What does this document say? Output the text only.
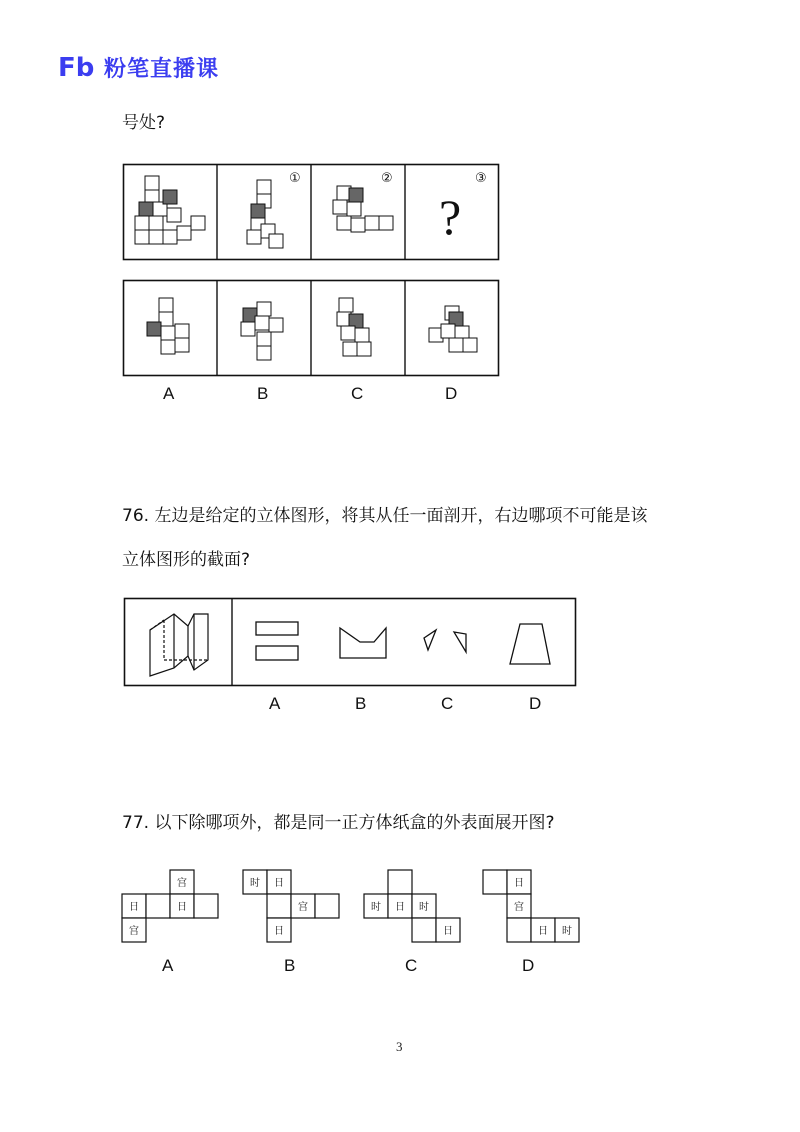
Fb 粉笔直播课
号处?
①	②
?
③
A	B	C	D
76. 左边是给定的立体图形，将其从任一面剖开，右边哪项不可能是该
立体图形的截面?
A	B	C	D
77. 以下除哪项外，都是同一正方体纸盒的外表面展开图?
宫
日	日
宫
时 日
宫
日
时 日 时
日
日
宫
日 时
A	B	C	D
3
